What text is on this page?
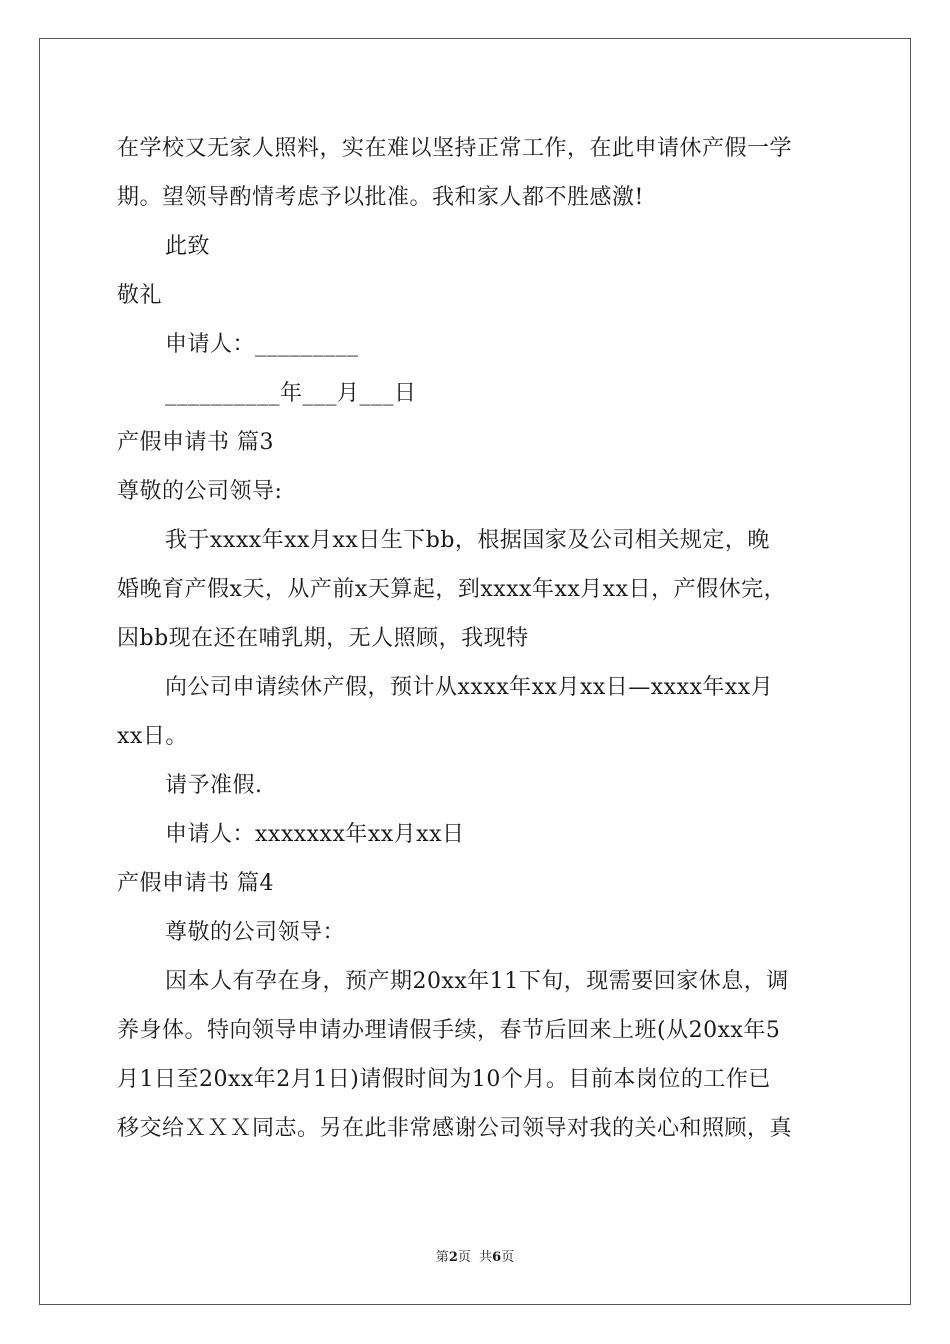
在学校又无家人照料，实在难以坚持正常工作，在此申请休产假一学
期。望领导酌情考虑予以批准。我和家人都不胜感激!
此致
敬礼
申请人：_________
__________年___月___日
产假申请书 篇3
尊敬的公司领导:
我于xxxx年xx月xx日生下bb，根据国家及公司相关规定，晚
婚晚育产假x天，从产前x天算起，到xxxx年xx月xx日，产假休完，
因bb现在还在哺乳期，无人照顾，我现特
向公司申请续休产假，预计从xxxx年xx月xx日—xxxx年xx月
xx日。
请予准假.
申请人：xxxxxxx年xx月xx日
产假申请书 篇4
尊敬的公司领导：
因本人有孕在身，预产期20xx年11下旬，现需要回家休息，调
养身体。特向领导申请办理请假手续，春节后回来上班(从20xx年5
月1日至20xx年2月1日)请假时间为10个月。目前本岗位的工作已
移交给ＸＸＸ同志。另在此非常感谢公司领导对我的关心和照顾，真
第2页  共6页
